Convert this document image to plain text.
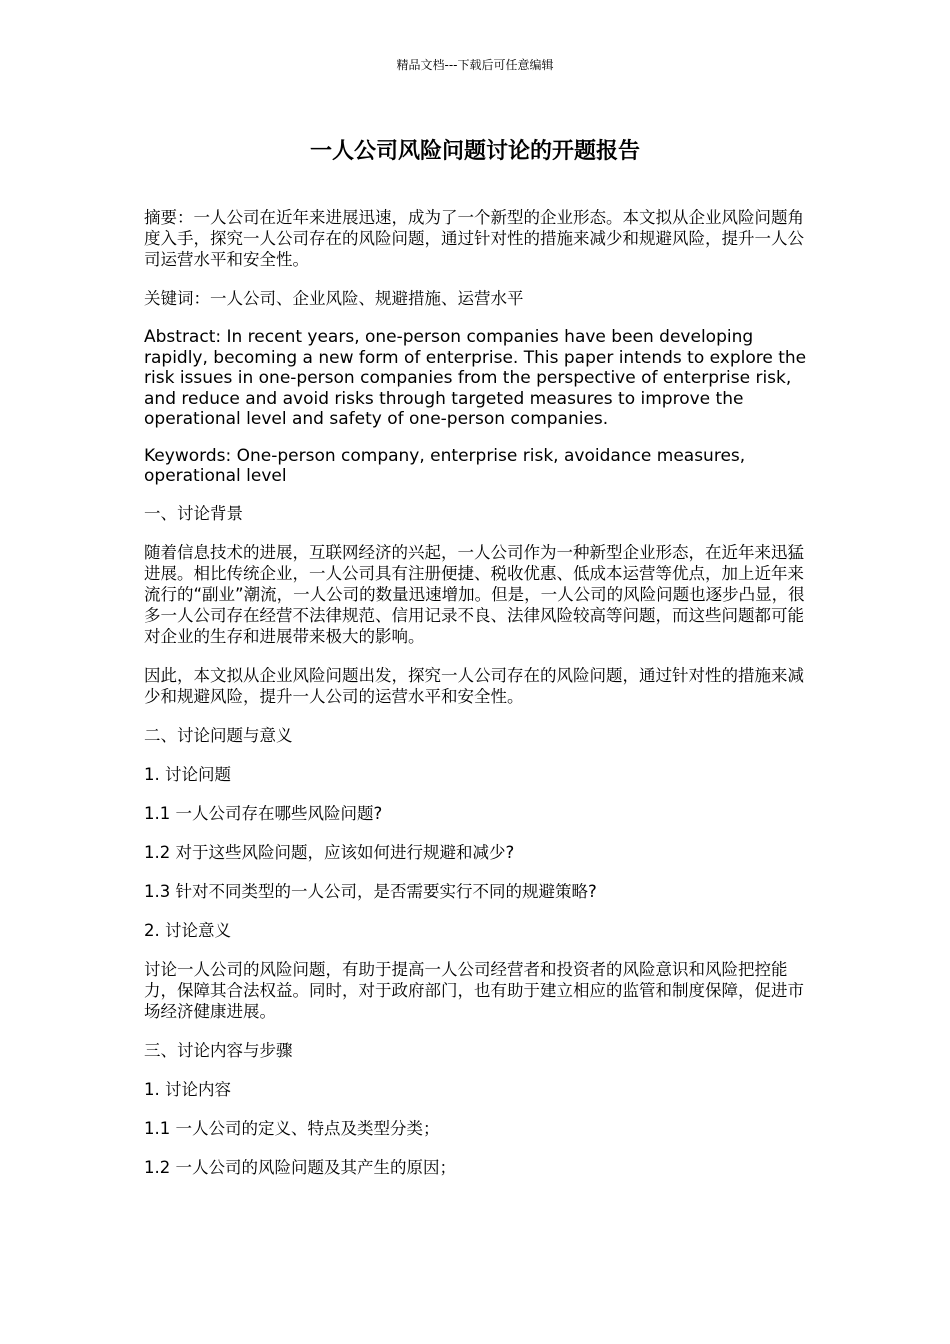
精品文档---下载后可任意编辑
一人公司风险问题讨论的开题报告

摘要：一人公司在近年来进展迅速，成为了一个新型的企业形态。本文拟从企业风险问题角度入手，探究一人公司存在的风险问题，通过针对性的措施来减少和规避风险，提升一人公司运营水平和安全性。

关键词：一人公司、企业风险、规避措施、运营水平

Abstract: In recent years, one-person companies have been developing rapidly, becoming a new form of enterprise. This paper intends to explore the risk issues in one-person companies from the perspective of enterprise risk, and reduce and avoid risks through targeted measures to improve the operational level and safety of one-person companies.

Keywords: One-person company, enterprise risk, avoidance measures, operational level

一、讨论背景

随着信息技术的进展，互联网经济的兴起，一人公司作为一种新型企业形态，在近年来迅猛进展。相比传统企业，一人公司具有注册便捷、税收优惠、低成本运营等优点，加上近年来流行的“副业”潮流，一人公司的数量迅速增加。但是，一人公司的风险问题也逐步凸显，很多一人公司存在经营不法律规范、信用记录不良、法律风险较高等问题，而这些问题都可能对企业的生存和进展带来极大的影响。

因此，本文拟从企业风险问题出发，探究一人公司存在的风险问题，通过针对性的措施来减少和规避风险，提升一人公司的运营水平和安全性。

二、讨论问题与意义

1. 讨论问题

1.1 一人公司存在哪些风险问题?

1.2 对于这些风险问题，应该如何进行规避和减少?

1.3 针对不同类型的一人公司，是否需要实行不同的规避策略?

2. 讨论意义

讨论一人公司的风险问题，有助于提高一人公司经营者和投资者的风险意识和风险把控能力，保障其合法权益。同时，对于政府部门，也有助于建立相应的监管和制度保障，促进市场经济健康进展。

三、讨论内容与步骤

1. 讨论内容

1.1 一人公司的定义、特点及类型分类；

1.2 一人公司的风险问题及其产生的原因；
